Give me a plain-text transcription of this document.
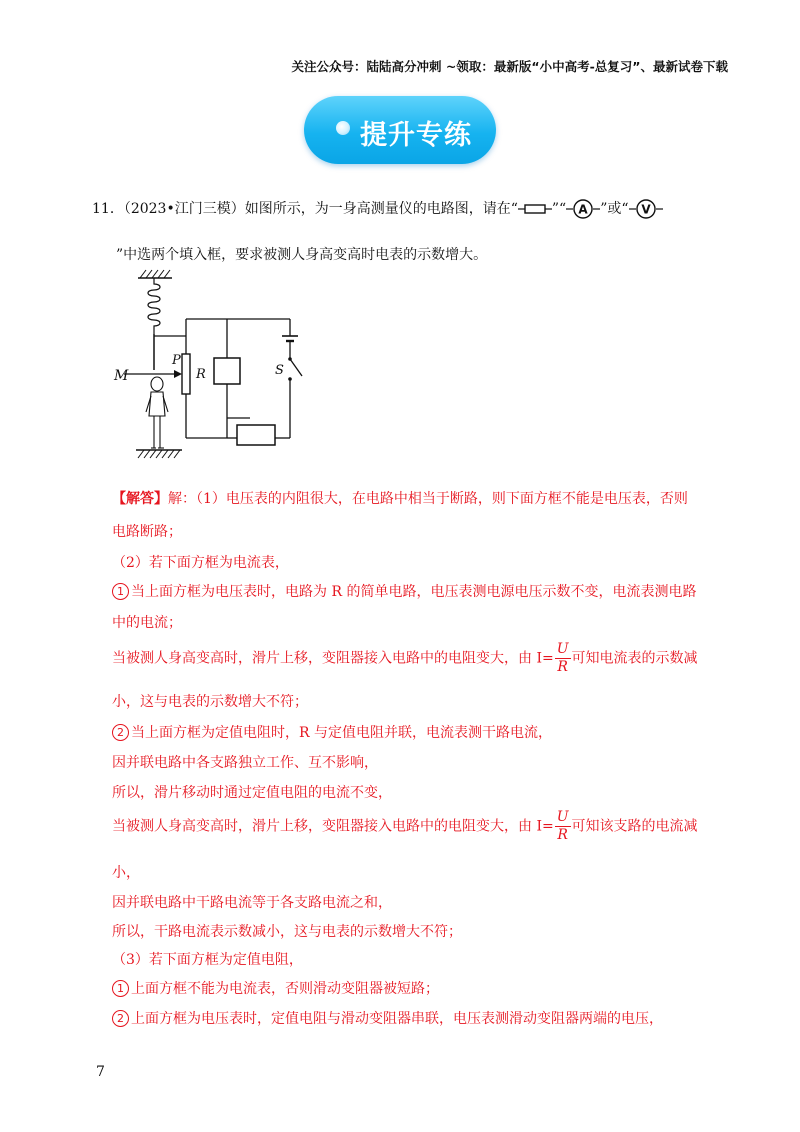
关注公众号：陆陆高分冲刺 ~领取：最新版“小中高考-总复习”、最新试卷下载
提升专练
11．（2023•江门三模）如图所示，为一身高测量仪的电路图，请在“ ”“ A ”或“ V
”中选两个填入框，要求被测人身高变高时电表的示数增大。
S
R
P
M
【解答】解：（1）电压表的内阻很大，在电路中相当于断路，则下面方框不能是电压表，否则
电路断路；
（2）若下面方框为电流表，
1 当上面方框为电压表时，电路为 R 的简单电路，电压表测电源电压示数不变，电流表测电路
中的电流；
当被测人身高变高时，滑片上移，变阻器接入电路中的电阻变大，由 $I= \frac{U}{R}$ 可知电流表的示数减
小，这与电表的示数增大不符；
2 当上面方框为定值电阻时，R 与定值电阻并联，电流表测干路电流，
因并联电路中各支路独立工作、互不影响，
所以，滑片移动时通过定值电阻的电流不变，
当被测人身高变高时，滑片上移，变阻器接入电路中的电阻变大，由 $I= \frac{U}{R}$ 可知该支路的电流减
小，
因并联电路中干路电流等于各支路电流之和，
所以，干路电流表示数减小，这与电表的示数增大不符；
（3）若下面方框为定值电阻，
1 上面方框不能为电流表，否则滑动变阻器被短路；
2 上面方框为电压表时，定值电阻与滑动变阻器串联，电压表测滑动变阻器两端的电压，
7
